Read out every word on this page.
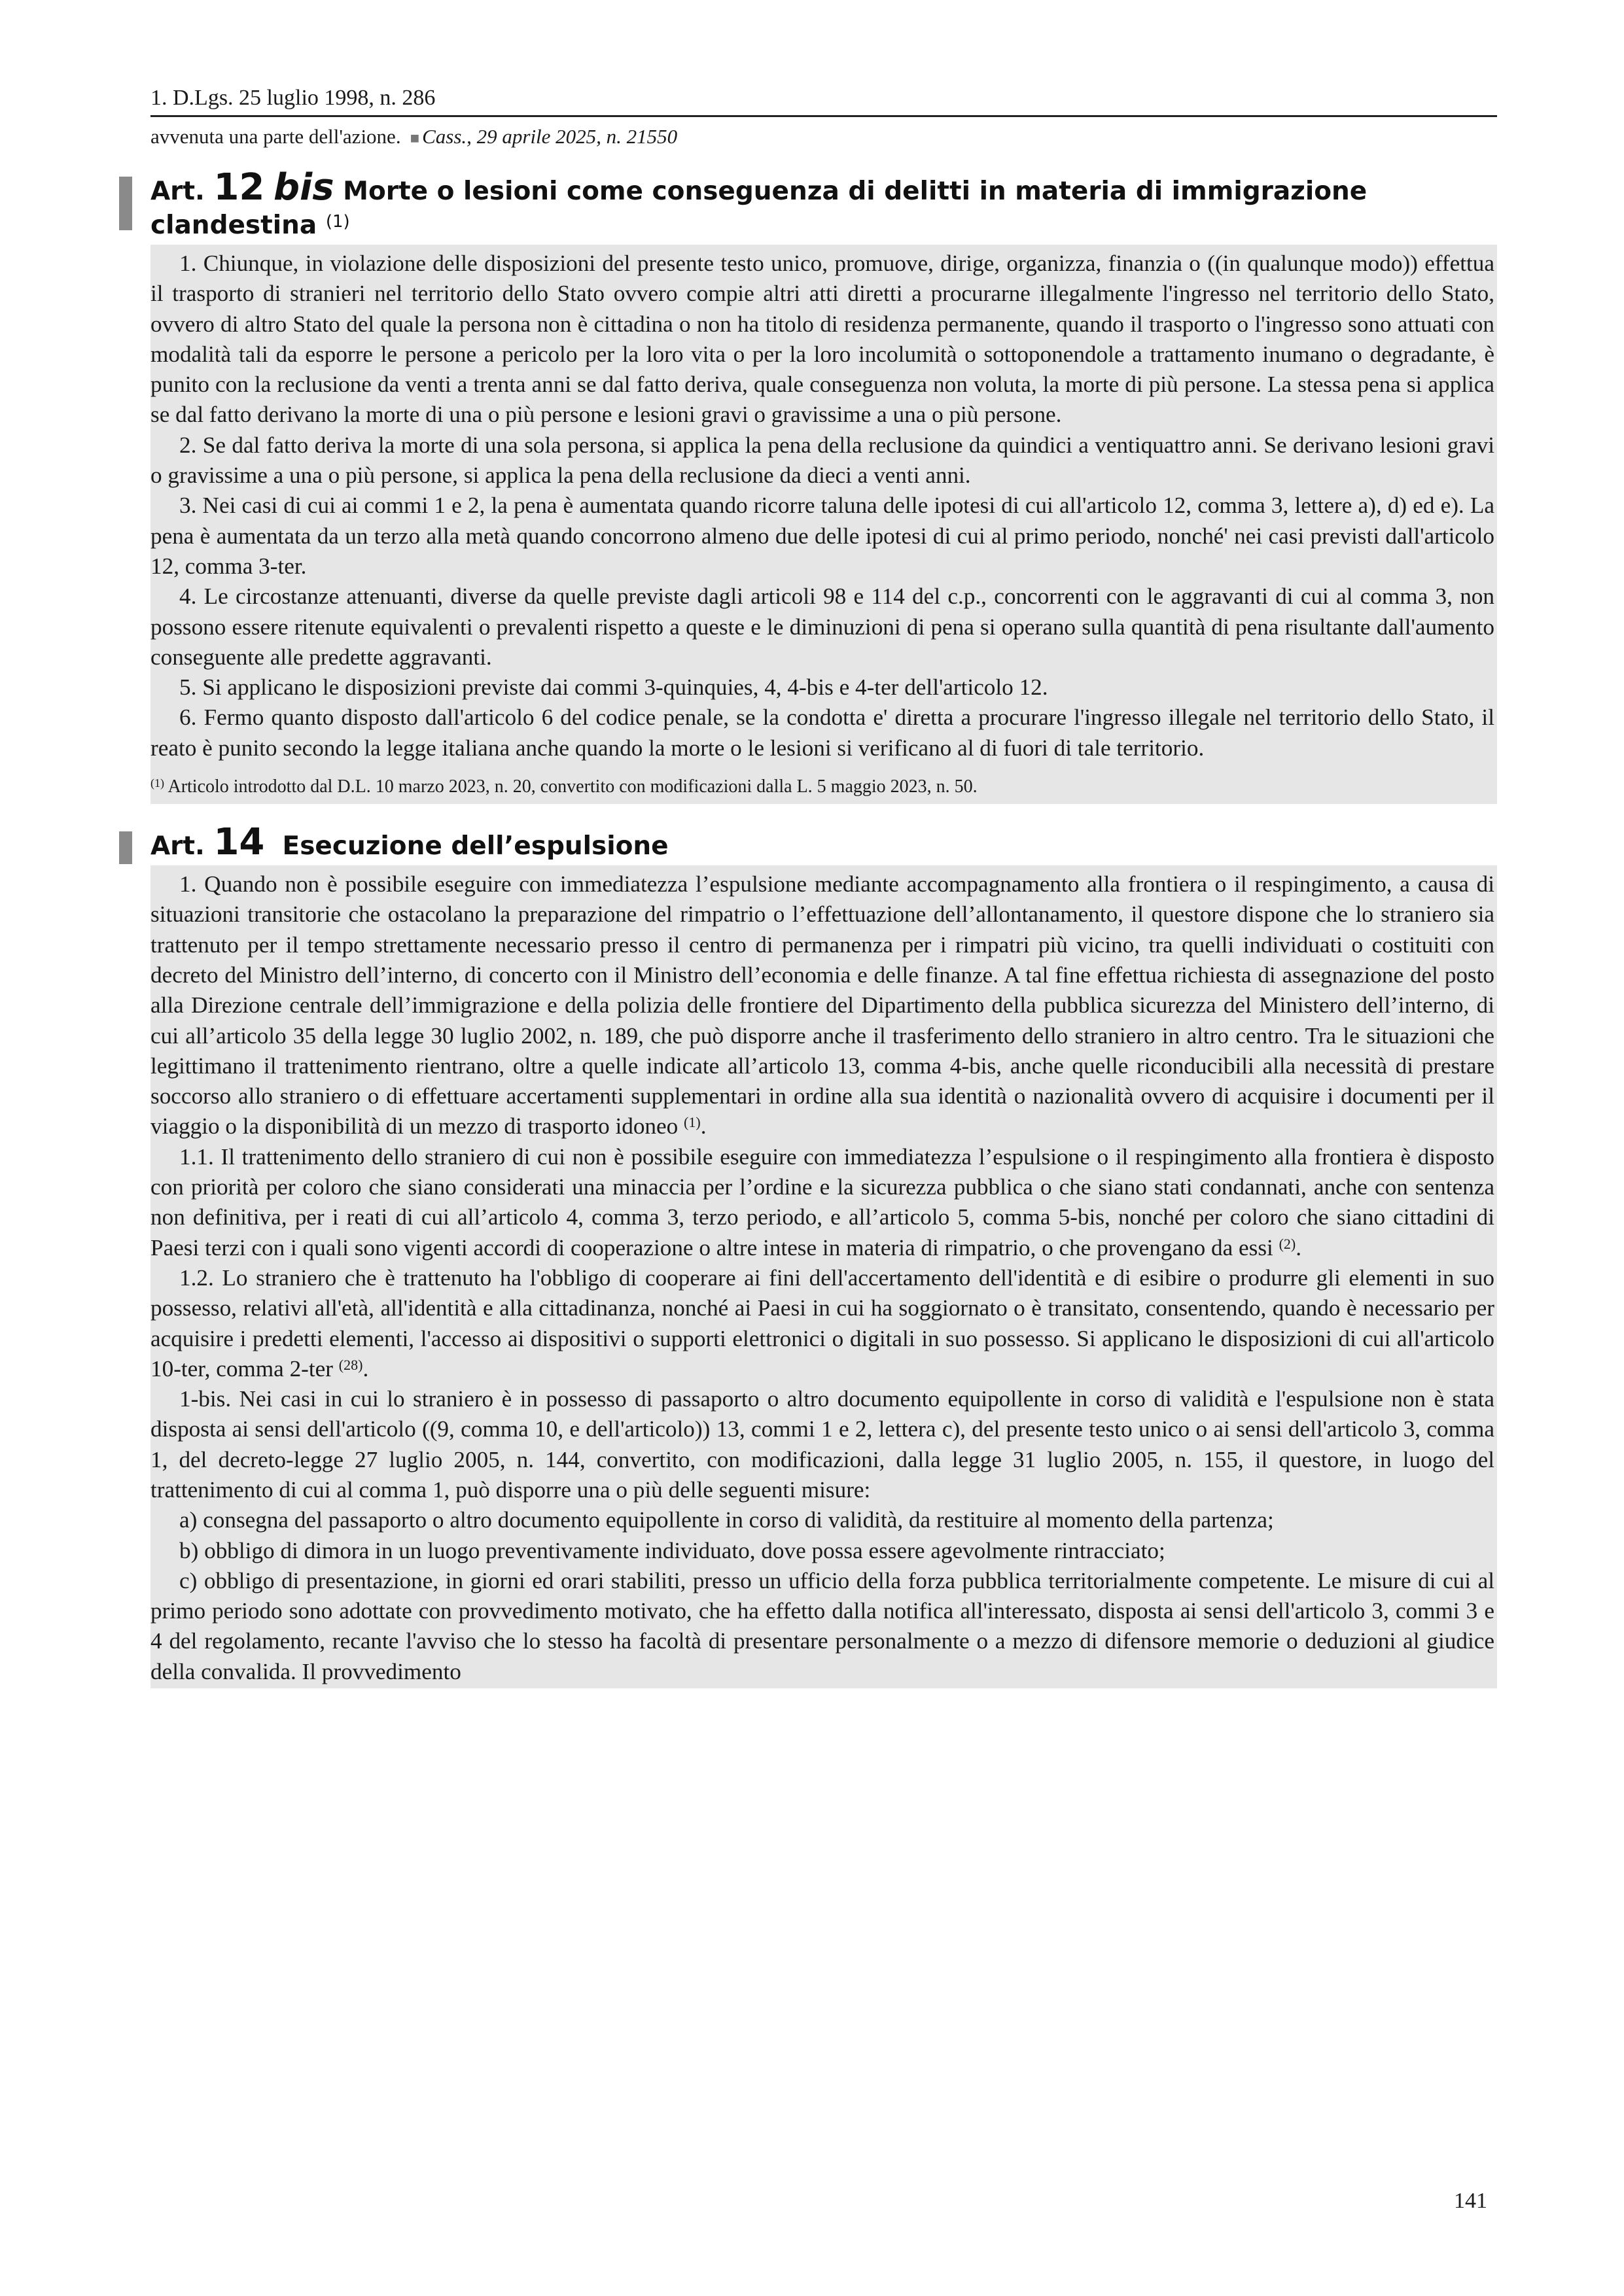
1. D.Lgs. 25 luglio 1998, n. 286
avvenuta una parte dell'azione. ■ Cass., 29 aprile 2025, n. 21550
Art. 12 bis Morte o lesioni come conseguenza di delitti in materia di immigrazione clandestina $^{(1)}$

1. Chiunque, in violazione delle disposizioni del presente testo unico, promuove, dirige, organizza, finanzia o ((in qualunque modo)) effettua il trasporto di stranieri nel territorio dello Stato ovvero compie altri atti diretti a procurarne illegalmente l'ingresso nel territorio dello Stato, ovvero di altro Stato del quale la persona non è cittadina o non ha titolo di residenza permanente, quando il trasporto o l'ingresso sono attuati con modalità tali da esporre le persone a pericolo per la loro vita o per la loro incolumità o sottoponendole a trattamento inumano o degradante, è punito con la reclusione da venti a trenta anni se dal fatto deriva, quale conseguenza non voluta, la morte di più persone. La stessa pena si applica se dal fatto derivano la morte di una o più persone e lesioni gravi o gravissime a una o più persone.

2. Se dal fatto deriva la morte di una sola persona, si applica la pena della reclusione da quindici a ventiquattro anni. Se derivano lesioni gravi o gravissime a una o più persone, si applica la pena della reclusione da dieci a venti anni.

3. Nei casi di cui ai commi 1 e 2, la pena è aumentata quando ricorre taluna delle ipotesi di cui all'articolo 12, comma 3, lettere a), d) ed e). La pena è aumentata da un terzo alla metà quando concorrono almeno due delle ipotesi di cui al primo periodo, nonché' nei casi previsti dall'articolo 12, comma 3-ter.

4. Le circostanze attenuanti, diverse da quelle previste dagli articoli 98 e 114 del c.p., concorrenti con le aggravanti di cui al comma 3, non possono essere ritenute equivalenti o prevalenti rispetto a queste e le diminuzioni di pena si operano sulla quantità di pena risultante dall'aumento conseguente alle predette aggravanti.

5. Si applicano le disposizioni previste dai commi 3-quinquies, 4, 4-bis e 4-ter dell'articolo 12.

6. Fermo quanto disposto dall'articolo 6 del codice penale, se la condotta e' diretta a procurare l'ingresso illegale nel territorio dello Stato, il reato è punito secondo la legge italiana anche quando la morte o le lesioni si verificano al di fuori di tale territorio.

$^{(1)}$ Articolo introdotto dal D.L. 10 marzo 2023, n. 20, convertito con modificazioni dalla L. 5 maggio 2023, n. 50.

Art. 14 Esecuzione dell’espulsione

1. Quando non è possibile eseguire con immediatezza l’espulsione mediante accompagnamento alla frontiera o il respingimento, a causa di situazioni transitorie che ostacolano la preparazione del rimpatrio o l’effettuazione dell’allontanamento, il questore dispone che lo straniero sia trattenuto per il tempo strettamente necessario presso il centro di permanenza per i rimpatri più vicino, tra quelli individuati o costituiti con decreto del Ministro dell’interno, di concerto con il Ministro dell’economia e delle finanze. A tal fine effettua richiesta di assegnazione del posto alla Direzione centrale dell’immigrazione e della polizia delle frontiere del Dipartimento della pubblica sicurezza del Ministero dell’interno, di cui all’articolo 35 della legge 30 luglio 2002, n. 189, che può disporre anche il trasferimento dello straniero in altro centro. Tra le situazioni che legittimano il trattenimento rientrano, oltre a quelle indicate all’articolo 13, comma 4-bis, anche quelle riconducibili alla necessità di prestare soccorso allo straniero o di effettuare accertamenti supplementari in ordine alla sua identità o nazionalità ovvero di acquisire i documenti per il viaggio o la disponibilità di un mezzo di trasporto idoneo $^{(1)}$.

1.1. Il trattenimento dello straniero di cui non è possibile eseguire con immediatezza l’espulsione o il respingimento alla frontiera è disposto con priorità per coloro che siano considerati una minaccia per l’ordine e la sicurezza pubblica o che siano stati condannati, anche con sentenza non definitiva, per i reati di cui all’articolo 4, comma 3, terzo periodo, e all’articolo 5, comma 5-bis, nonché per coloro che siano cittadini di Paesi terzi con i quali sono vigenti accordi di cooperazione o altre intese in materia di rimpatrio, o che provengano da essi $^{(2)}$.

1.2. Lo straniero che è trattenuto ha l'obbligo di cooperare ai fini dell'accertamento dell'identità e di esibire o produrre gli elementi in suo possesso, relativi all'età, all'identità e alla cittadinanza, nonché ai Paesi in cui ha soggiornato o è transitato, consentendo, quando è necessario per acquisire i predetti elementi, l'accesso ai dispositivi o supporti elettronici o digitali in suo possesso. Si applicano le disposizioni di cui all'articolo 10-ter, comma 2-ter $^{(28)}$.

1-bis. Nei casi in cui lo straniero è in possesso di passaporto o altro documento equipollente in corso di validità e l'espulsione non è stata disposta ai sensi dell'articolo ((9, comma 10, e dell'articolo)) 13, commi 1 e 2, lettera c), del presente testo unico o ai sensi dell'articolo 3, comma 1, del decreto-legge 27 luglio 2005, n. 144, convertito, con modificazioni, dalla legge 31 luglio 2005, n. 155, il questore, in luogo del trattenimento di cui al comma 1, può disporre una o più delle seguenti misure:

a) consegna del passaporto o altro documento equipollente in corso di validità, da restituire al momento della partenza;

b) obbligo di dimora in un luogo preventivamente individuato, dove possa essere agevolmente rintracciato;

c) obbligo di presentazione, in giorni ed orari stabiliti, presso un ufficio della forza pubblica territorialmente competente. Le misure di cui al primo periodo sono adottate con provvedimento motivato, che ha effetto dalla notifica all'interessato, disposta ai sensi dell'articolo 3, commi 3 e 4 del regolamento, recante l'avviso che lo stesso ha facoltà di presentare personalmente o a mezzo di difensore memorie o deduzioni al giudice della convalida. Il provvedimento

141
